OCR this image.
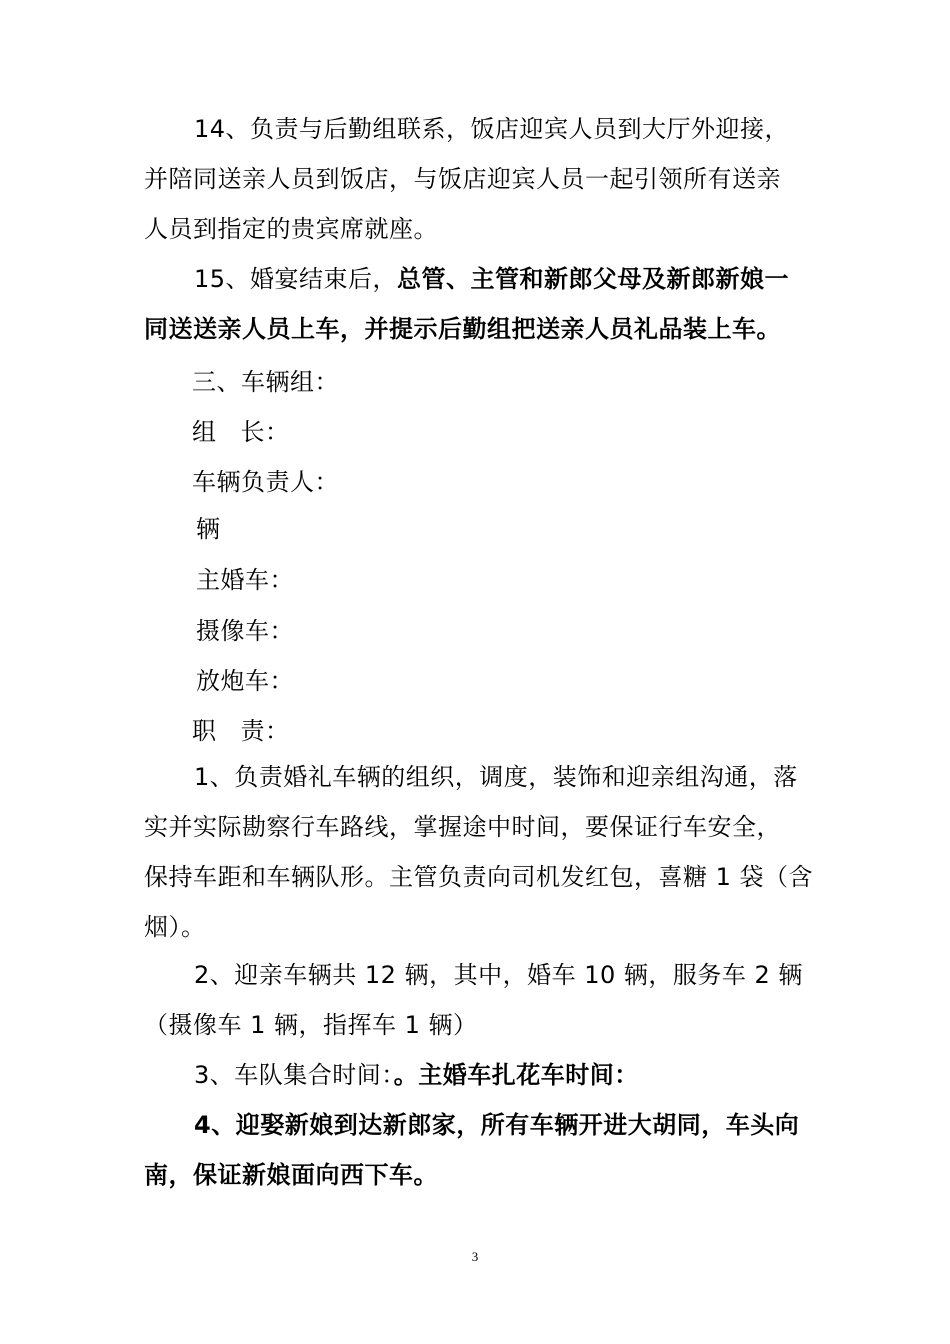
14、负责与后勤组联系，饭店迎宾人员到大厅外迎接，
并陪同送亲人员到饭店，与饭店迎宾人员一起引领所有送亲
人员到指定的贵宾席就座。
15、婚宴结束后，总管、主管和新郎父母及新郎新娘一
同送送亲人员上车，并提示后勤组把送亲人员礼品装上车。
三、车辆组：
组 长：
车辆负责人：
辆
主婚车：
摄像车：
放炮车：
职 责：
1、负责婚礼车辆的组织，调度，装饰和迎亲组沟通，落
实并实际勘察行车路线，掌握途中时间，要保证行车安全，
保持车距和车辆队形。主管负责向司机发红包，喜糖 1 袋（含
烟）。
2、迎亲车辆共 12 辆，其中，婚车 10 辆，服务车 2 辆
（摄像车 1 辆，指挥车 1 辆）
3、车队集合时间：。主婚车扎花车时间：
4、迎娶新娘到达新郎家，所有车辆开进大胡同，车头向
南，保证新娘面向西下车。
3
